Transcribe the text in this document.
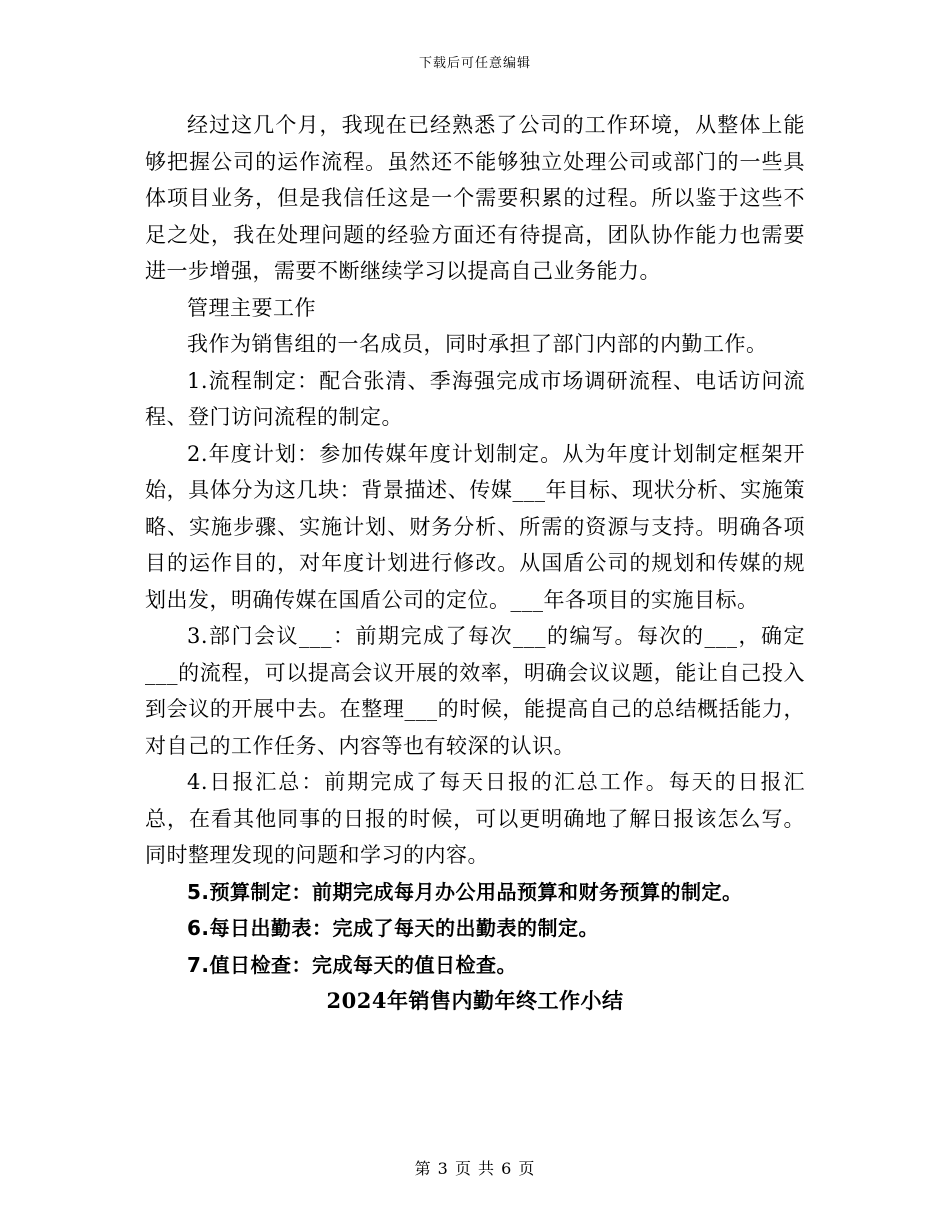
下载后可任意编辑

经过这几个月，我现在已经熟悉了公司的工作环境，从整体上能够把握公司的运作流程。虽然还不能够独立处理公司或部门的一些具体项目业务，但是我信任这是一个需要积累的过程。所以鉴于这些不足之处，我在处理问题的经验方面还有待提高，团队协作能力也需要进一步增强，需要不断继续学习以提高自己业务能力。

管理主要工作

我作为销售组的一名成员，同时承担了部门内部的内勤工作。

1.流程制定：配合张清、季海强完成市场调研流程、电话访问流程、登门访问流程的制定。

2.年度计划：参加传媒年度计划制定。从为年度计划制定框架开始，具体分为这几块：背景描述、传媒___年目标、现状分析、实施策略、实施步骤、实施计划、财务分析、所需的资源与支持。明确各项目的运作目的，对年度计划进行修改。从国盾公司的规划和传媒的规划出发，明确传媒在国盾公司的定位。___年各项目的实施目标。

3.部门会议___：前期完成了每次___的编写。每次的___，确定___的流程，可以提高会议开展的效率，明确会议议题，能让自己投入到会议的开展中去。在整理___的时候，能提高自己的总结概括能力，对自己的工作任务、内容等也有较深的认识。

4.日报汇总：前期完成了每天日报的汇总工作。每天的日报汇总，在看其他同事的日报的时候，可以更明确地了解日报该怎么写。同时整理发现的问题和学习的内容。

5.预算制定：前期完成每月办公用品预算和财务预算的制定。

6.每日出勤表：完成了每天的出勤表的制定。

7.值日检查：完成每天的值日检查。

2024年销售内勤年终工作小结

第 3 页 共 6 页
